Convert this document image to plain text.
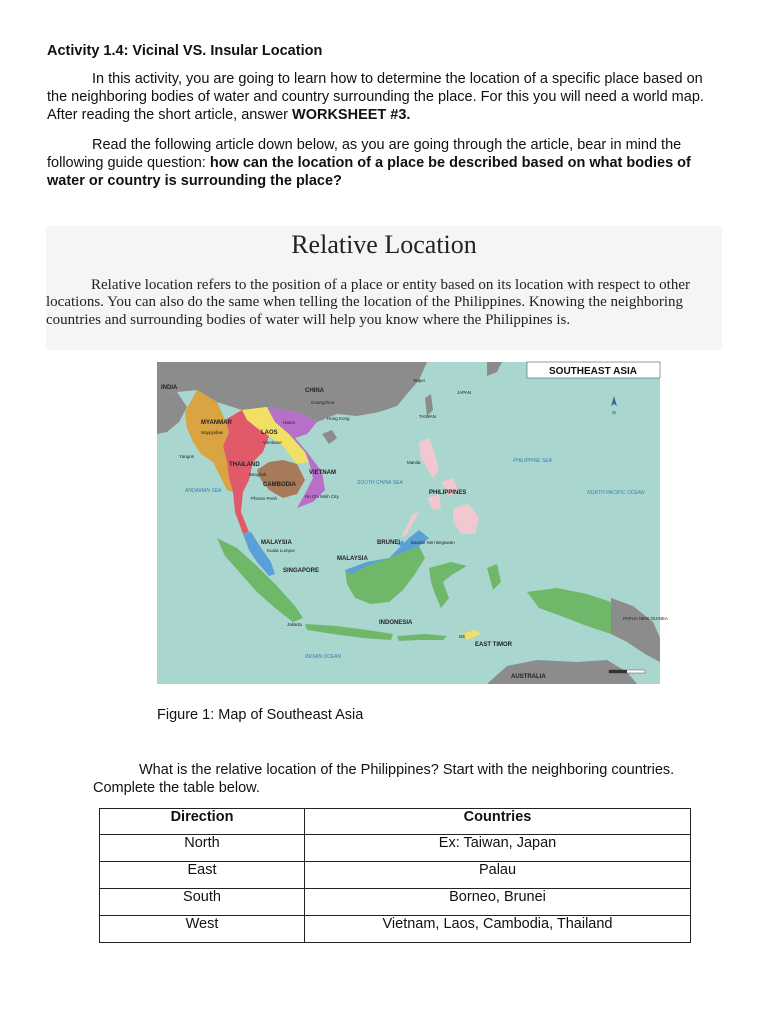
Activity 1.4: Vicinal VS. Insular Location
In this activity, you are going to learn how to determine the location of a specific place based on the neighboring bodies of water and country surrounding the place. For this you will need a world map. After reading the short article, answer WORKSHEET #3.
Read the following article down below, as you are going through the article, bear in mind the following guide question: how can the location of a place be described based on what bodies of water or country is surrounding the place?
Relative Location
Relative location refers to the position of a place or entity based on its location with respect to other locations. You can also do the same when telling the location of the Philippines. Knowing the neighboring countries and surrounding bodies of water will help you know where the Philippines is.
SOUTHEAST ASIA
N
INDIA	CHINA	JAPAN
TAIWAN
Taipei
Guangzhou
Hong Kong
MYANMAR
Naypyidaw
Yangon
LAOS
Hanoi
Vientiane
THAILAND
Bangkok
CAMBODIA
Phnom Penh	Ho Chi Minh City
VIETNAM
ANDAMAN SEA
SOUTH CHINA SEA
Manila
PHILIPPINES
PHILIPPINE SEA
NORTH PACIFIC OCEAN
BRUNEI Bandar Seri Begawan
MALAYSIA
MALAYSIA
Kuala Lumpur
SINGAPORE
INDONESIA
Jakarta
Dili
EAST TIMOR
PAPUA NEW GUINEA
INDIAN OCEAN
AUSTRALIA
Figure 1: Map of Southeast Asia
What is the relative location of the Philippines? Start with the neighboring countries. Complete the table below.
Direction	Countries
North	Ex: Taiwan, Japan
East	Palau
South	Borneo, Brunei
West	Vietnam, Laos, Cambodia, Thailand
